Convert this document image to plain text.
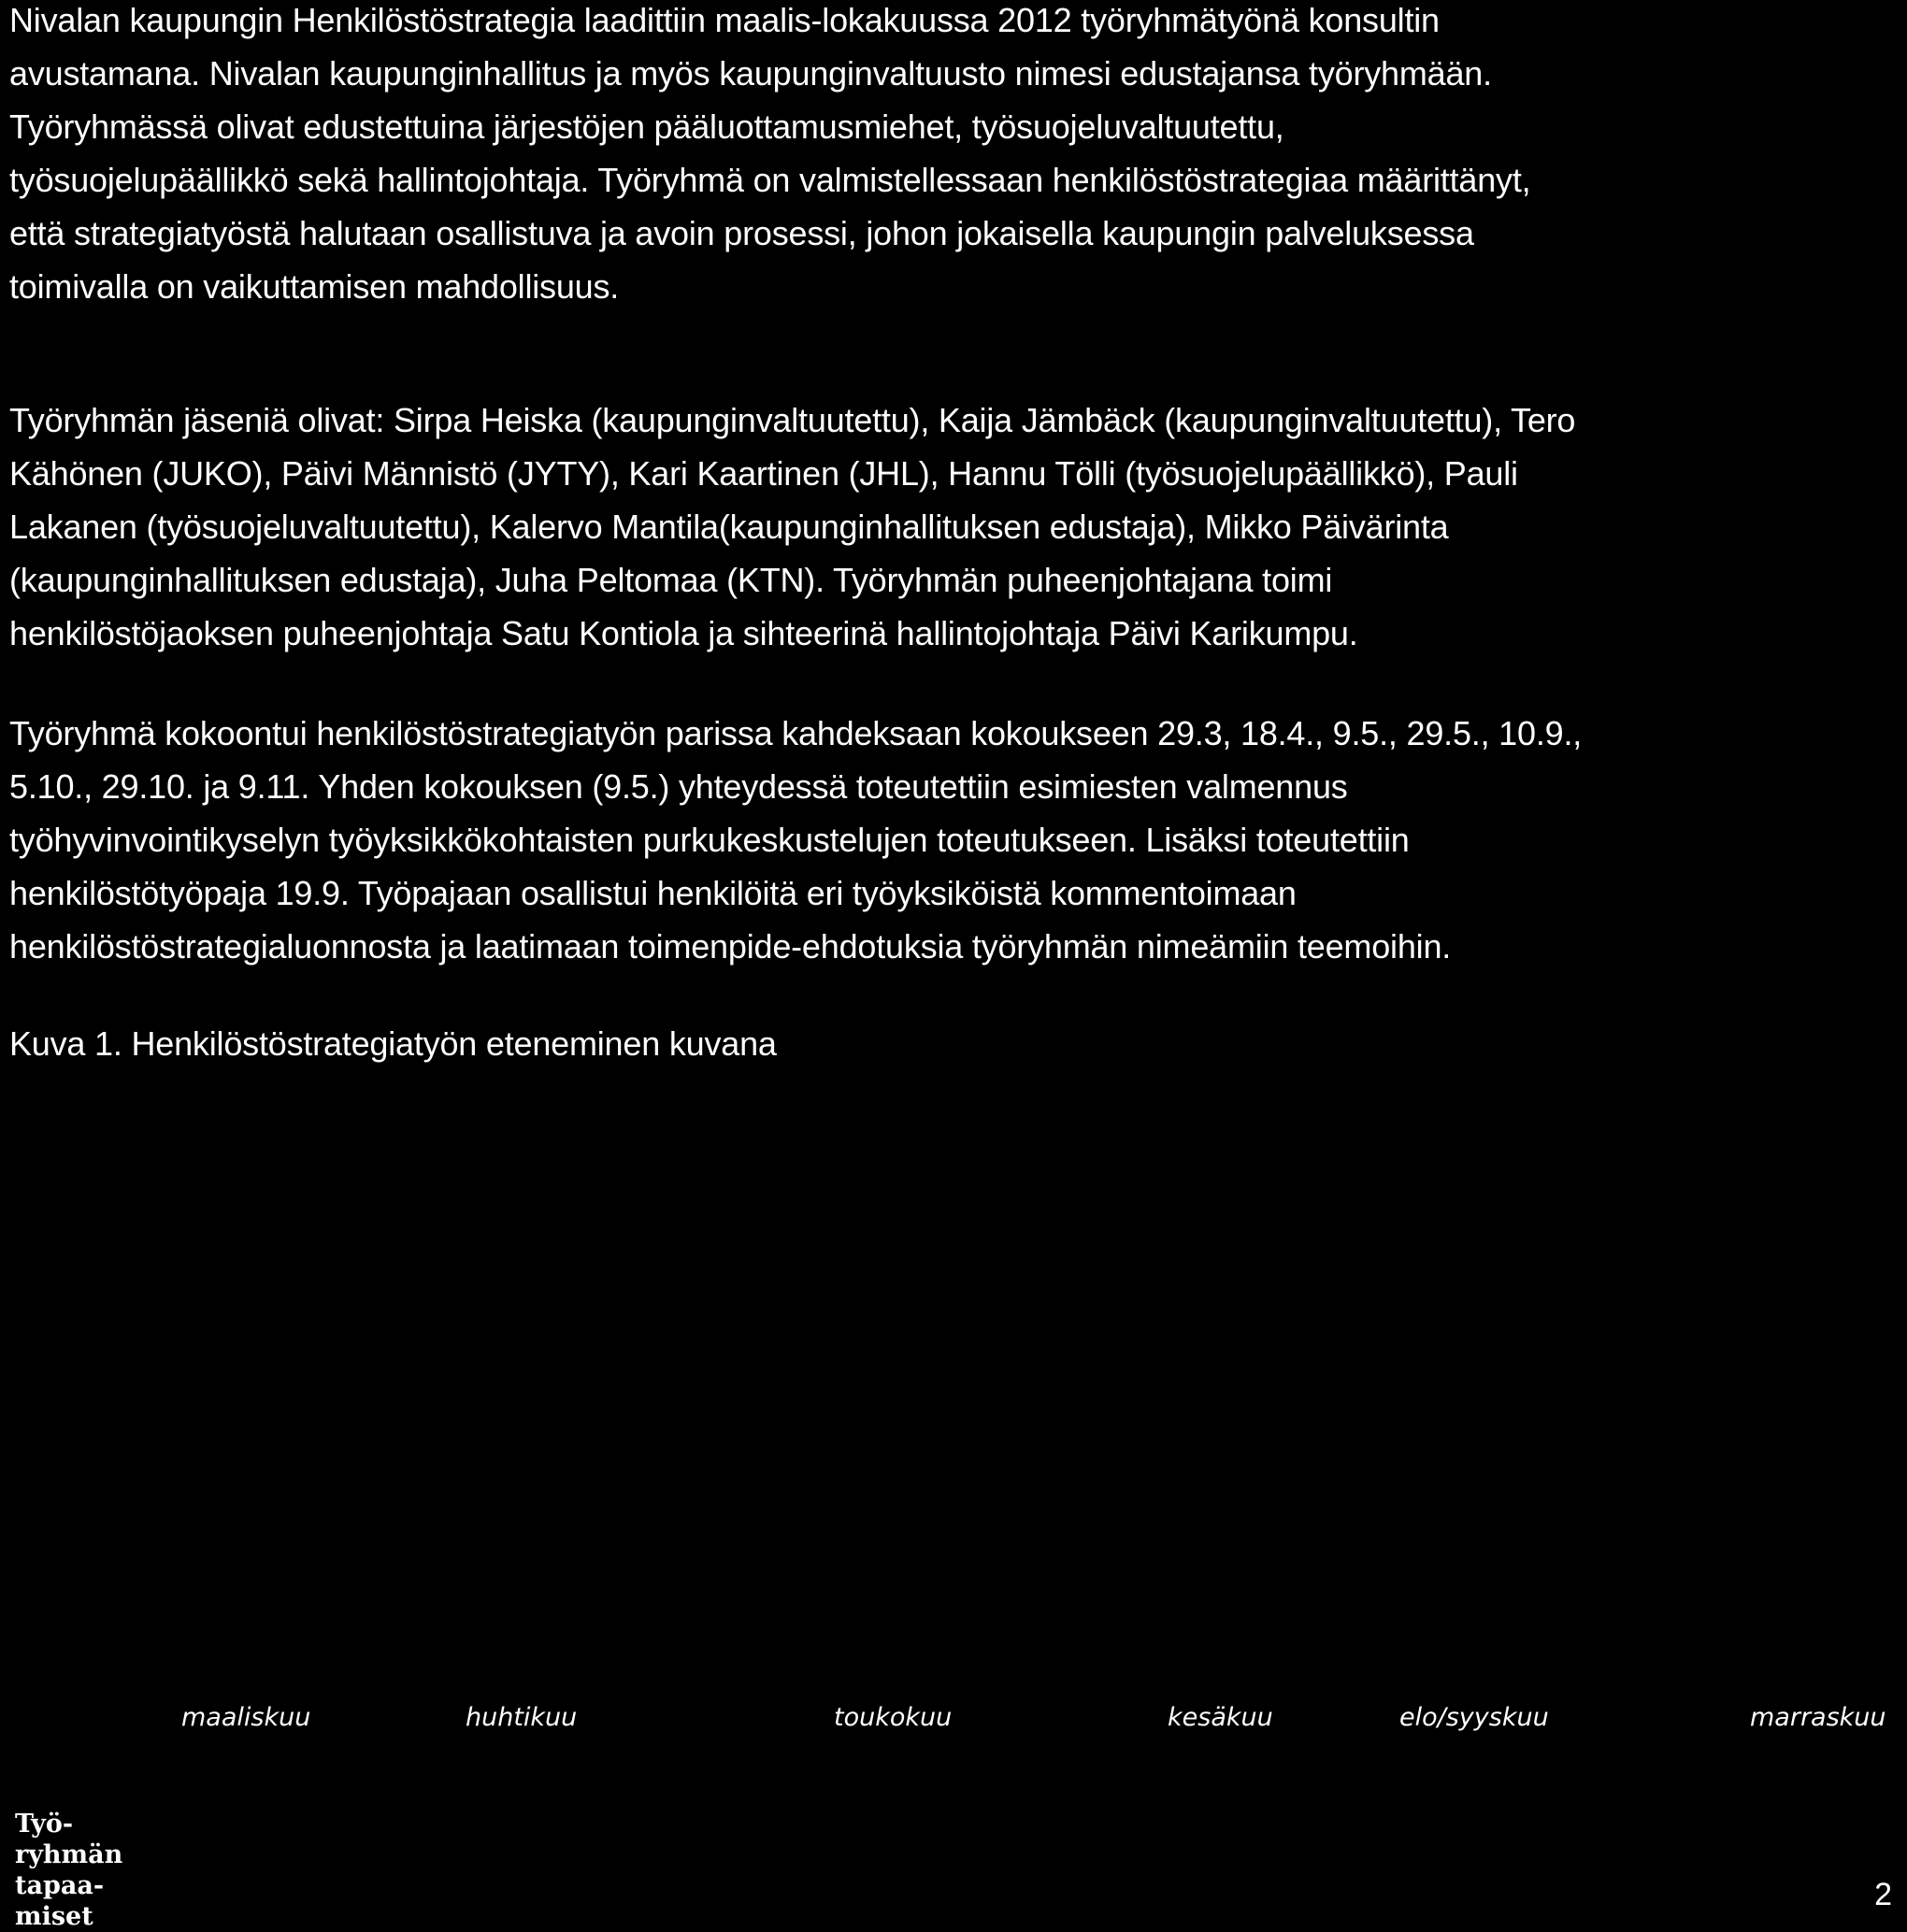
Nivalan kaupungin Henkilöstöstrategia laadittiin maalis-lokakuussa 2012 työryhmätyönä konsultin
avustamana. Nivalan kaupunginhallitus ja myös kaupunginvaltuusto nimesi edustajansa työryhmään.
Työryhmässä olivat edustettuina järjestöjen pääluottamusmiehet, työsuojeluvaltuutettu,
työsuojelupäällikkö sekä hallintojohtaja. Työryhmä on valmistellessaan henkilöstöstrategiaa määrittänyt,
että strategiatyöstä halutaan osallistuva ja avoin prosessi, johon jokaisella kaupungin palveluksessa
toimivalla on vaikuttamisen mahdollisuus.

Työryhmän jäseniä olivat: Sirpa Heiska (kaupunginvaltuutettu), Kaija Jämbäck (kaupunginvaltuutettu), Tero
Kähönen (JUKO), Päivi Männistö (JYTY), Kari Kaartinen (JHL), Hannu Tölli (työsuojelupäällikkö), Pauli
Lakanen (työsuojeluvaltuutettu), Kalervo Mantila(kaupunginhallituksen edustaja), Mikko Päivärinta
(kaupunginhallituksen edustaja), Juha Peltomaa (KTN). Työryhmän puheenjohtajana toimi
henkilöstöjaoksen puheenjohtaja Satu Kontiola ja sihteerinä hallintojohtaja Päivi Karikumpu.

Työryhmä kokoontui henkilöstöstrategiatyön parissa kahdeksaan kokoukseen 29.3, 18.4., 9.5., 29.5., 10.9.,
5.10., 29.10. ja 9.11. Yhden kokouksen (9.5.) yhteydessä toteutettiin esimiesten valmennus
työhyvinvointikyselyn työyksikkökohtaisten purkukeskustelujen toteutukseen. Lisäksi toteutettiin
henkilöstötyöpaja 19.9. Työpajaan osallistui henkilöitä eri työyksiköistä kommentoimaan
henkilöstöstrategialuonnosta ja laatimaan toimenpide-ehdotuksia työryhmän nimeämiin teemoihin.

Kuva 1. Henkilöstöstrategiatyön eteneminen kuvana

Työ-
ryhmän
tapaa-
miset
maaliskuu	huhtikuu	toukokuu	kesäkuu	elo/syyskuu	marraskuu
2
